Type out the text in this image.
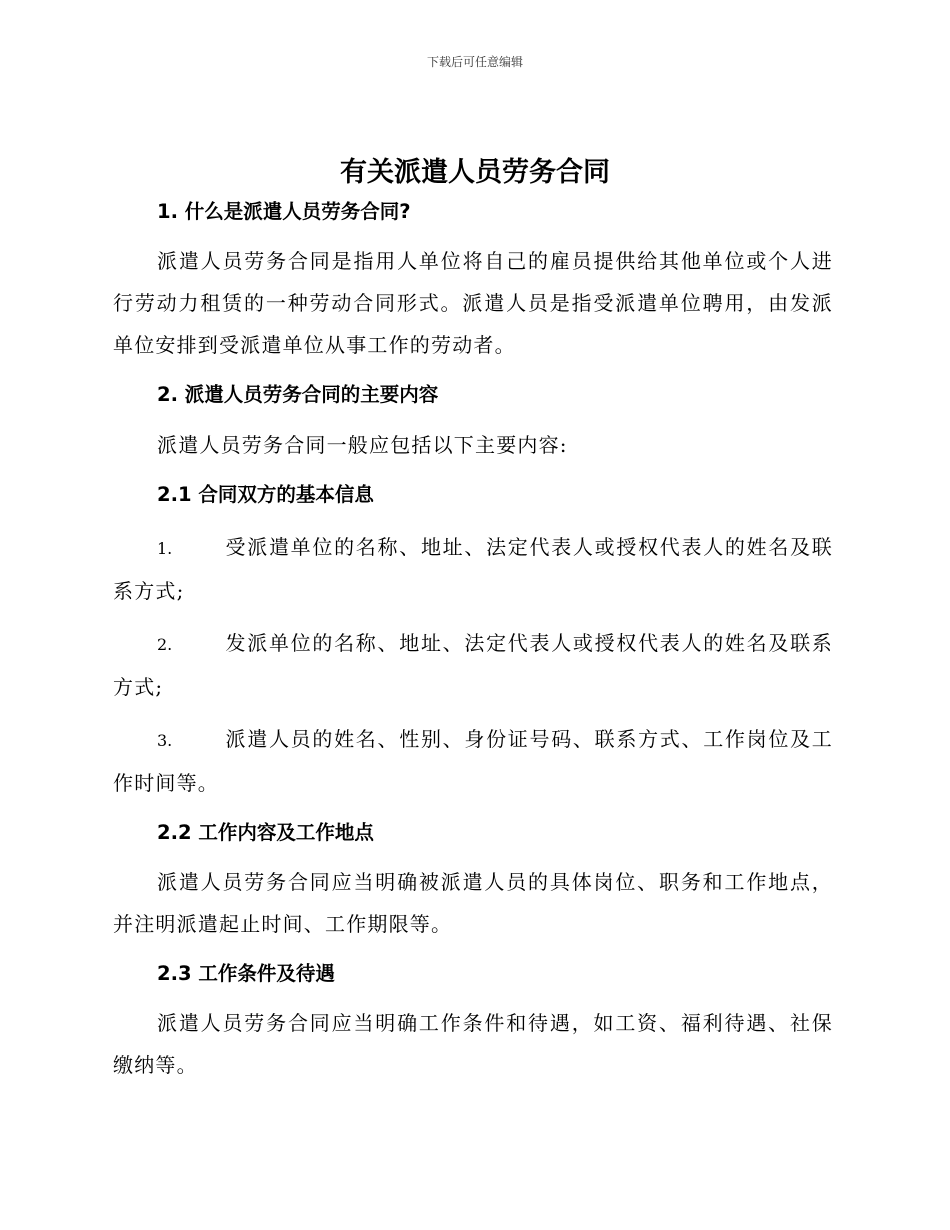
下载后可任意编辑
有关派遣人员劳务合同

1. 什么是派遣人员劳务合同?

派遣人员劳务合同是指用人单位将自己的雇员提供给其他单位或个人进行劳动力租赁的一种劳动合同形式。派遣人员是指受派遣单位聘用，由发派单位安排到受派遣单位从事工作的劳动者。

2. 派遣人员劳务合同的主要内容

派遣人员劳务合同一般应包括以下主要内容:

2.1 合同双方的基本信息

1.	受派遣单位的名称、地址、法定代表人或授权代表人的姓名及联系方式;

2.	发派单位的名称、地址、法定代表人或授权代表人的姓名及联系方式;

3.	派遣人员的姓名、性别、身份证号码、联系方式、工作岗位及工作时间等。

2.2 工作内容及工作地点

派遣人员劳务合同应当明确被派遣人员的具体岗位、职务和工作地点，并注明派遣起止时间、工作期限等。

2.3 工作条件及待遇

派遣人员劳务合同应当明确工作条件和待遇，如工资、福利待遇、社保缴纳等。
